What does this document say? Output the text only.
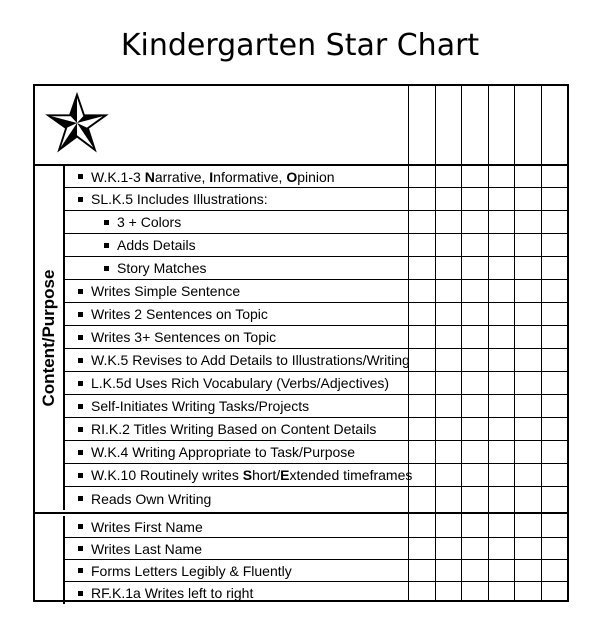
Kindergarten Star Chart
W.K.1-3 Narrative, Informative, Opinion
SL.K.5 Includes Illustrations:
3 + Colors
Adds Details
Story Matches
Writes Simple Sentence
Writes 2 Sentences on Topic
Writes 3+ Sentences on Topic
W.K.5 Revises to Add Details to Illustrations/Writing
L.K.5d Uses Rich Vocabulary (Verbs/Adjectives)
Self-Initiates Writing Tasks/Projects
RI.K.2 Titles Writing Based on Content Details
W.K.4 Writing Appropriate to Task/Purpose
W.K.10 Routinely writes Short/Extended timeframes
Reads Own Writing
Content/Purpose
Writes First Name
Writes Last Name
Forms Letters Legibly & Fluently
RF.K.1a Writes left to right
